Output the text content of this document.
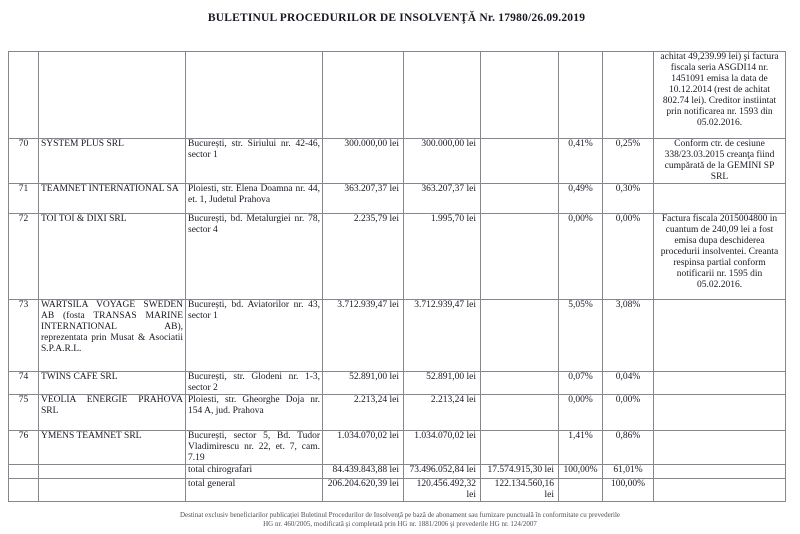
BULETINUL PROCEDURILOR DE INSOLVENŢĂ Nr. 17980/26.09.2019
								achitat 49,239.99 lei) şi factura fiscala seria ASGDI14 nr. 1451091 emisa la data de 10.12.2014 (rest de achitat 802.74 lei). Creditor instiintat prin notificarea nr. 1593 din 05.02.2016.
70	SYSTEM PLUS SRL	București, str. Siriului nr. 42-46, sector 1	300.000,00 lei	300.000,00 lei		0,41%	0,25%	Conform ctr. de cesiune 338/23.03.2015 creanţa fiind cumpărată de la GEMINI SP SRL
71	TEAMNET INTERNATIONAL SA	Ploiesti, str. Elena Doamna nr. 44, et. 1, Judetul Prahova	363.207,37 lei	363.207,37 lei		0,49%	0,30%	
72	TOI TOI & DIXI SRL	București, bd. Metalurgiei nr. 78, sector 4	2.235,79 lei	1.995,70 lei		0,00%	0,00%	Factura fiscala 2015004800 in cuantum de 240,09 lei a fost emisa dupa deschiderea procedurii insolventei. Creanta respinsa partial conform notificarii nr. 1595 din 05.02.2016.
73	WARTSILA VOYAGE SWEDEN AB (fosta TRANSAS MARINE INTERNATIONAL AB), reprezentata prin Musat & Asociatii S.P.A.R.L.	București, bd. Aviatorilor nr. 43, sector 1	3.712.939,47 lei	3.712.939,47 lei		5,05%	3,08%	
74	TWINS CAFE SRL	București, str. Glodeni nr. 1-3, sector 2	52.891,00 lei	52.891,00 lei		0,07%	0,04%	
75	VEOLIA ENERGIE PRAHOVA SRL	Ploiesti, str. Gheorghe Doja nr. 154 A, jud. Prahova	2.213,24 lei	2.213,24 lei		0,00%	0,00%	
76	YMENS TEAMNET SRL	București, sector 5, Bd. Tudor Vladimirescu nr. 22, et. 7, cam. 7.19	1.034.070,02 lei	1.034.070,02 lei		1,41%	0,86%	
		total chirografari	84.439.843,88 lei	73.496.052,84 lei	17.574.915,30 lei	100,00%	61,01%	
		total general	206.204.620,39 lei	120.456.492,32 lei	122.134.560,16 lei		100,00%	
Destinat exclusiv beneficiarilor publicaţiei Buletinul Procedurilor de Insolvenţă pe bază de abonament sau furnizare punctuală în conformitate cu prevederile
HG nr. 460/2005, modificată şi completată prin HG nr. 1881/2006 şi prevederile HG nr. 124/2007
